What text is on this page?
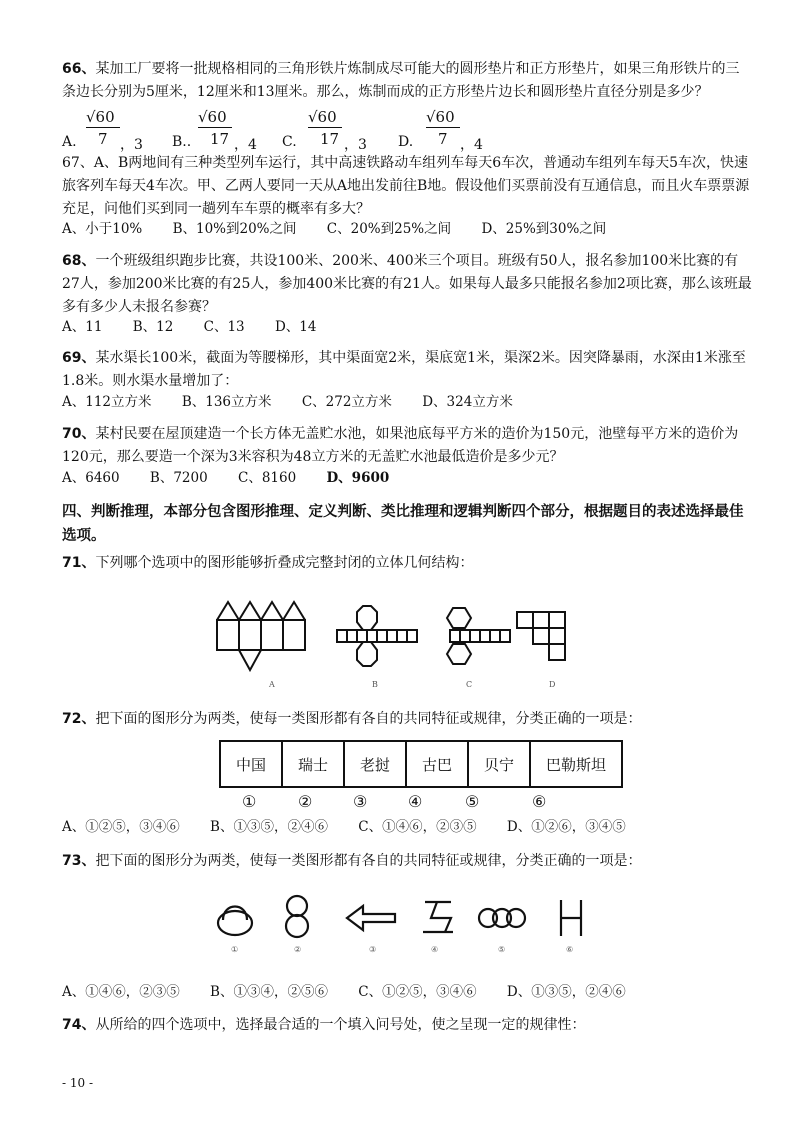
66、某加工厂要将一批规格相同的三角形铁片炼制成尽可能大的圆形垫片和正方形垫片，如果三角形铁片的三条边长分别为5厘米，12厘米和13厘米。那么，炼制而成的正方形垫片边长和圆形垫片直径分别是多少？
A.
√60
7 ，3 B..
√60
17 ，4 C.
√60
17 ，3 D.
√60
7 ，4
67、A、B两地间有三种类型列车运行，其中高速铁路动车组列车每天6车次，普通动车组列车每天5车次，快速旅客列车每天4车次。甲、乙两人要同一天从A地出发前往B地。假设他们买票前没有互通信息，而且火车票票源充足，问他们买到同一趟列车车票的概率有多大？
A、小于10% B、10%到20%之间 C、20%到25%之间 D、25%到30%之间
68、一个班级组织跑步比赛，共设100米、200米、400米三个项目。班级有50人，报名参加100米比赛的有27人，参加200米比赛的有25人，参加400米比赛的有21人。如果每人最多只能报名参加2项比赛，那么该班最多有多少人未报名参赛？
A、11 B、12 C、13 D、14
69、某水渠长100米，截面为等腰梯形，其中渠面宽2米，渠底宽1米，渠深2米。因突降暴雨，水深由1米涨至1.8米。则水渠水量增加了：
A、112立方米 B、136立方米 C、272立方米 D、324立方米
70、某村民要在屋顶建造一个长方体无盖贮水池，如果池底每平方米的造价为150元，池壁每平方米的造价为120元，那么要造一个深为3米容积为48立方米的无盖贮水池最低造价是多少元？
A、6460 B、7200 C、8160 D、9600
四、判断推理，本部分包含图形推理、定义判断、类比推理和逻辑判断四个部分，根据题目的表述选择最佳选项。
71、下列哪个选项中的图形能够折叠成完整封闭的立体几何结构：
A	B	C	D
72、把下面的图形分为两类，使每一类图形都有各自的共同特征或规律，分类正确的一项是：
中国	瑞士	老挝	古巴	贝宁	巴勒斯坦
①	②	③	④	⑤	⑥
A、①②⑤，③④⑥ B、①③⑤，②④⑥ C、①④⑥，②③⑤ D、①②⑥，③④⑤
73、把下面的图形分为两类，使每一类图形都有各自的共同特征或规律，分类正确的一项是：
①	②	③	④	⑤	⑥
A、①④⑥，②③⑤ B、①③④，②⑤⑥ C、①②⑤，③④⑥ D、①③⑤，②④⑥
74、从所给的四个选项中，选择最合适的一个填入问号处，使之呈现一定的规律性：
- 10 -
